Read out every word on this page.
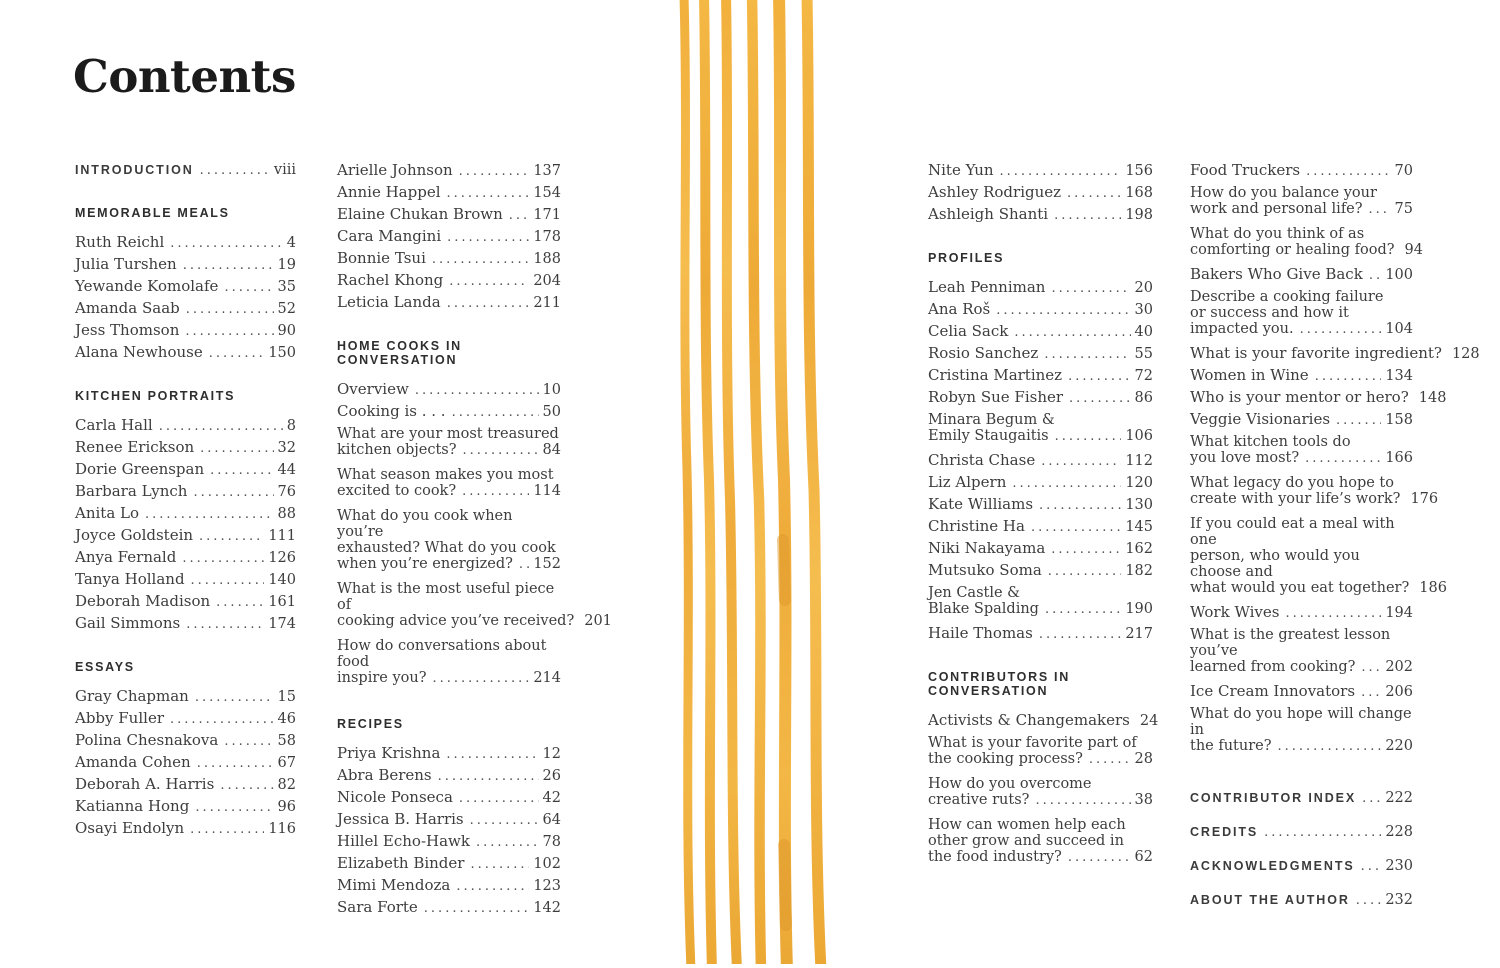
Contents
INTRODUCTION .....	viii
MEMORABLE MEALS
Ruth Reichl .....	4
Julia Turshen .....	19
Yewande Komolafe .....	35
Amanda Saab .....	52
Jess Thomson .....	90
Alana Newhouse .....	150
KITCHEN PORTRAITS
Carla Hall .....	8
Renee Erickson .....	32
Dorie Greenspan .....	44
Barbara Lynch .....	76
Anita Lo .....	88
Joyce Goldstein .....	111
Anya Fernald .....	126
Tanya Holland .....	140
Deborah Madison .....	161
Gail Simmons .....	174
ESSAYS
Gray Chapman .....	15
Abby Fuller .....	46
Polina Chesnakova .....	58
Amanda Cohen .....	67
Deborah A. Harris .....	82
Katianna Hong .....	96
Osayi Endolyn .....	116
Arielle Johnson .....	137
Annie Happel .....	154
Elaine Chukan Brown ..... 171
Cara Mangini .....	178
Bonnie Tsui .....	188
Rachel Khong .....	204
Leticia Landa .....	211
HOME COOKS IN CONVERSATION
Overview .....	10
Cooking is . . . .....	50
What are your most treasured
kitchen objects? .....	84
What season makes you most
excited to cook? .....	114
What do you cook when you’re
exhausted? What do you cook
when you’re energized? ..... 152
What is the most useful piece of
cooking advice you’ve received? 201
How do conversations about food
inspire you? .....	214
RECIPES
Priya Krishna .....	12
Abra Berens .....	26
Nicole Ponseca .....	42
Jessica B. Harris .....	64
Hillel Echo-Hawk .....	78
Elizabeth Binder .....	102
Mimi Mendoza .....	123
Sara Forte .....	142
Nite Yun .....	156
Ashley Rodriguez .....	168
Ashleigh Shanti .....	198
PROFILES
Leah Penniman .....	20
Ana Roš .....	30
Celia Sack .....	40
Rosio Sanchez .....	55
Cristina Martinez .....	72
Robyn Sue Fisher .....	86
Minara Begum &
Emily Staugaitis .....	106
Christa Chase .....	112
Liz Alpern .....	120
Kate Williams .....	130
Christine Ha .....	145
Niki Nakayama .....	162
Mutsuko Soma .....	182
Jen Castle &
Blake Spalding .....	190
Haile Thomas .....	217
CONTRIBUTORS IN CONVERSATION
Activists & Changemakers 24
What is your favorite part of
the cooking process? .....	28
How do you overcome
creative ruts? .....	38
How can women help each
other grow and succeed in
the food industry? .....	62
Food Truckers .....	70
How do you balance your
work and personal life? ..... 75
What do you think of as
comforting or healing food? 94
Bakers Who Give Back ..... 100
Describe a cooking failure
or success and how it
impacted you. .....	104
What is your favorite ingredient? 128
Women in Wine .....	134
Who is your mentor or hero? 148
Veggie Visionaries .....	158
What kitchen tools do
you love most? .....	166
What legacy do you hope to
create with your life’s work? 176
If you could eat a meal with one
person, who would you choose and
what would you eat together? 186
Work Wives .....	194
What is the greatest lesson you’ve
learned from cooking? ..... 202
Ice Cream Innovators ..... 206
What do you hope will change in
the future? .....	220
CONTRIBUTOR INDEX ..... 222
CREDITS .....	228
ACKNOWLEDGMENTS ..... 230
ABOUT THE AUTHOR ..... 232
